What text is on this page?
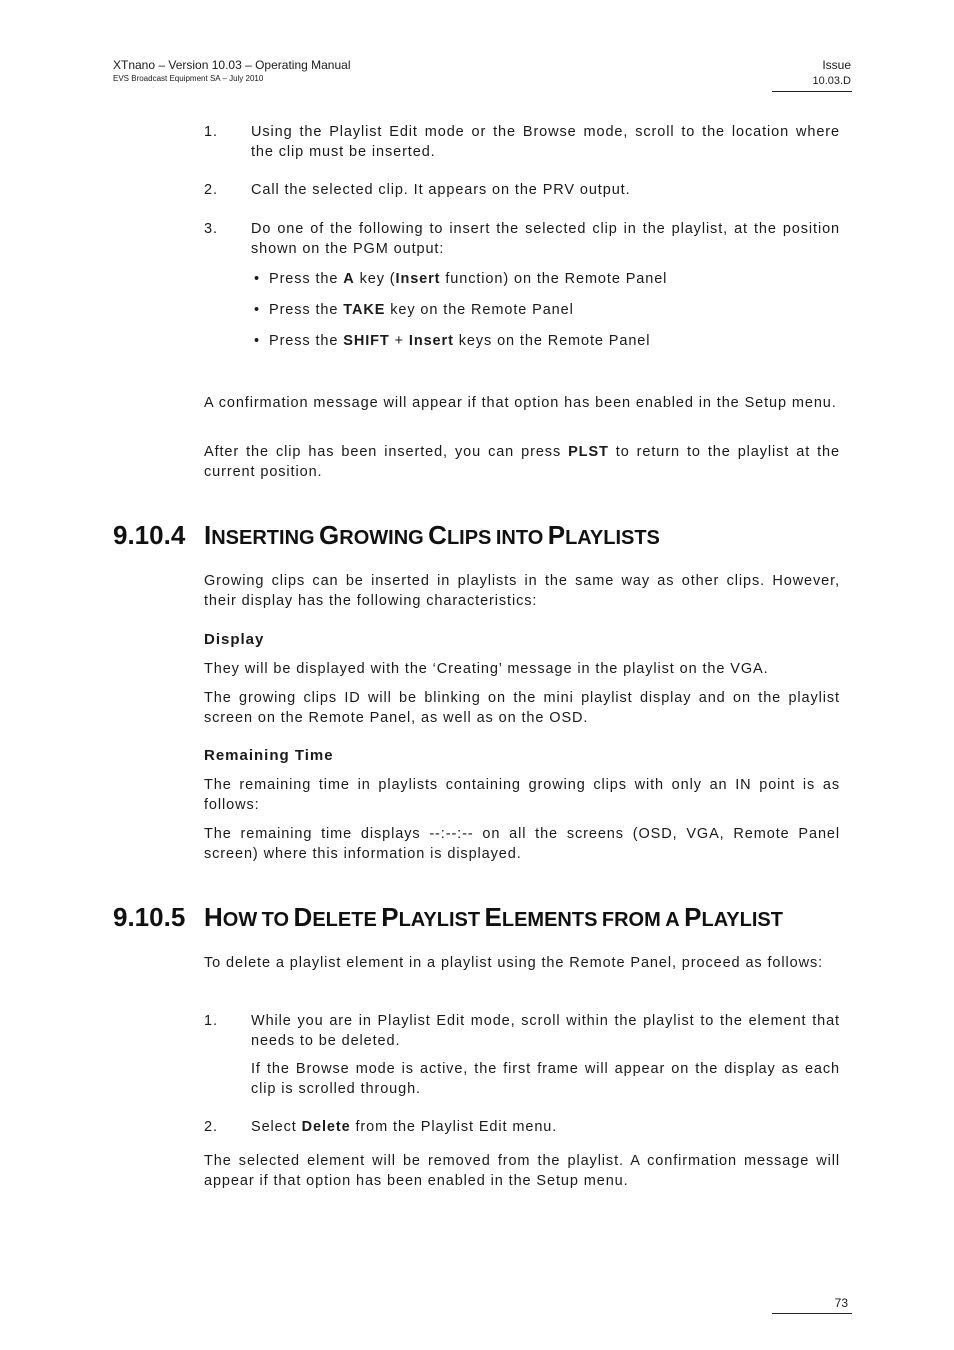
XTnano – Version 10.03 – Operating Manual
EVS Broadcast Equipment SA – July 2010
Issue
10.03.D
1. Using the Playlist Edit mode or the Browse mode, scroll to the location where the clip must be inserted.
2. Call the selected clip. It appears on the PRV output.
3. Do one of the following to insert the selected clip in the playlist, at the position shown on the PGM output:
• Press the A key (Insert function) on the Remote Panel
• Press the TAKE key on the Remote Panel
• Press the SHIFT + Insert keys on the Remote Panel
A confirmation message will appear if that option has been enabled in the Setup menu.
After the clip has been inserted, you can press PLST to return to the playlist at the current position.
9.10.4 INSERTING GROWING CLIPS INTO PLAYLISTS
Growing clips can be inserted in playlists in the same way as other clips. However, their display has the following characteristics:
Display
They will be displayed with the ‘Creating’ message in the playlist on the VGA.
The growing clips ID will be blinking on the mini playlist display and on the playlist screen on the Remote Panel, as well as on the OSD.
Remaining Time
The remaining time in playlists containing growing clips with only an IN point is as follows:
The remaining time displays --:--:-- on all the screens (OSD, VGA, Remote Panel screen) where this information is displayed.
9.10.5 HOW TO DELETE PLAYLIST ELEMENTS FROM A PLAYLIST
To delete a playlist element in a playlist using the Remote Panel, proceed as follows:
1. While you are in Playlist Edit mode, scroll within the playlist to the element that needs to be deleted.
If the Browse mode is active, the first frame will appear on the display as each clip is scrolled through.
2. Select Delete from the Playlist Edit menu.
The selected element will be removed from the playlist. A confirmation message will appear if that option has been enabled in the Setup menu.
73
